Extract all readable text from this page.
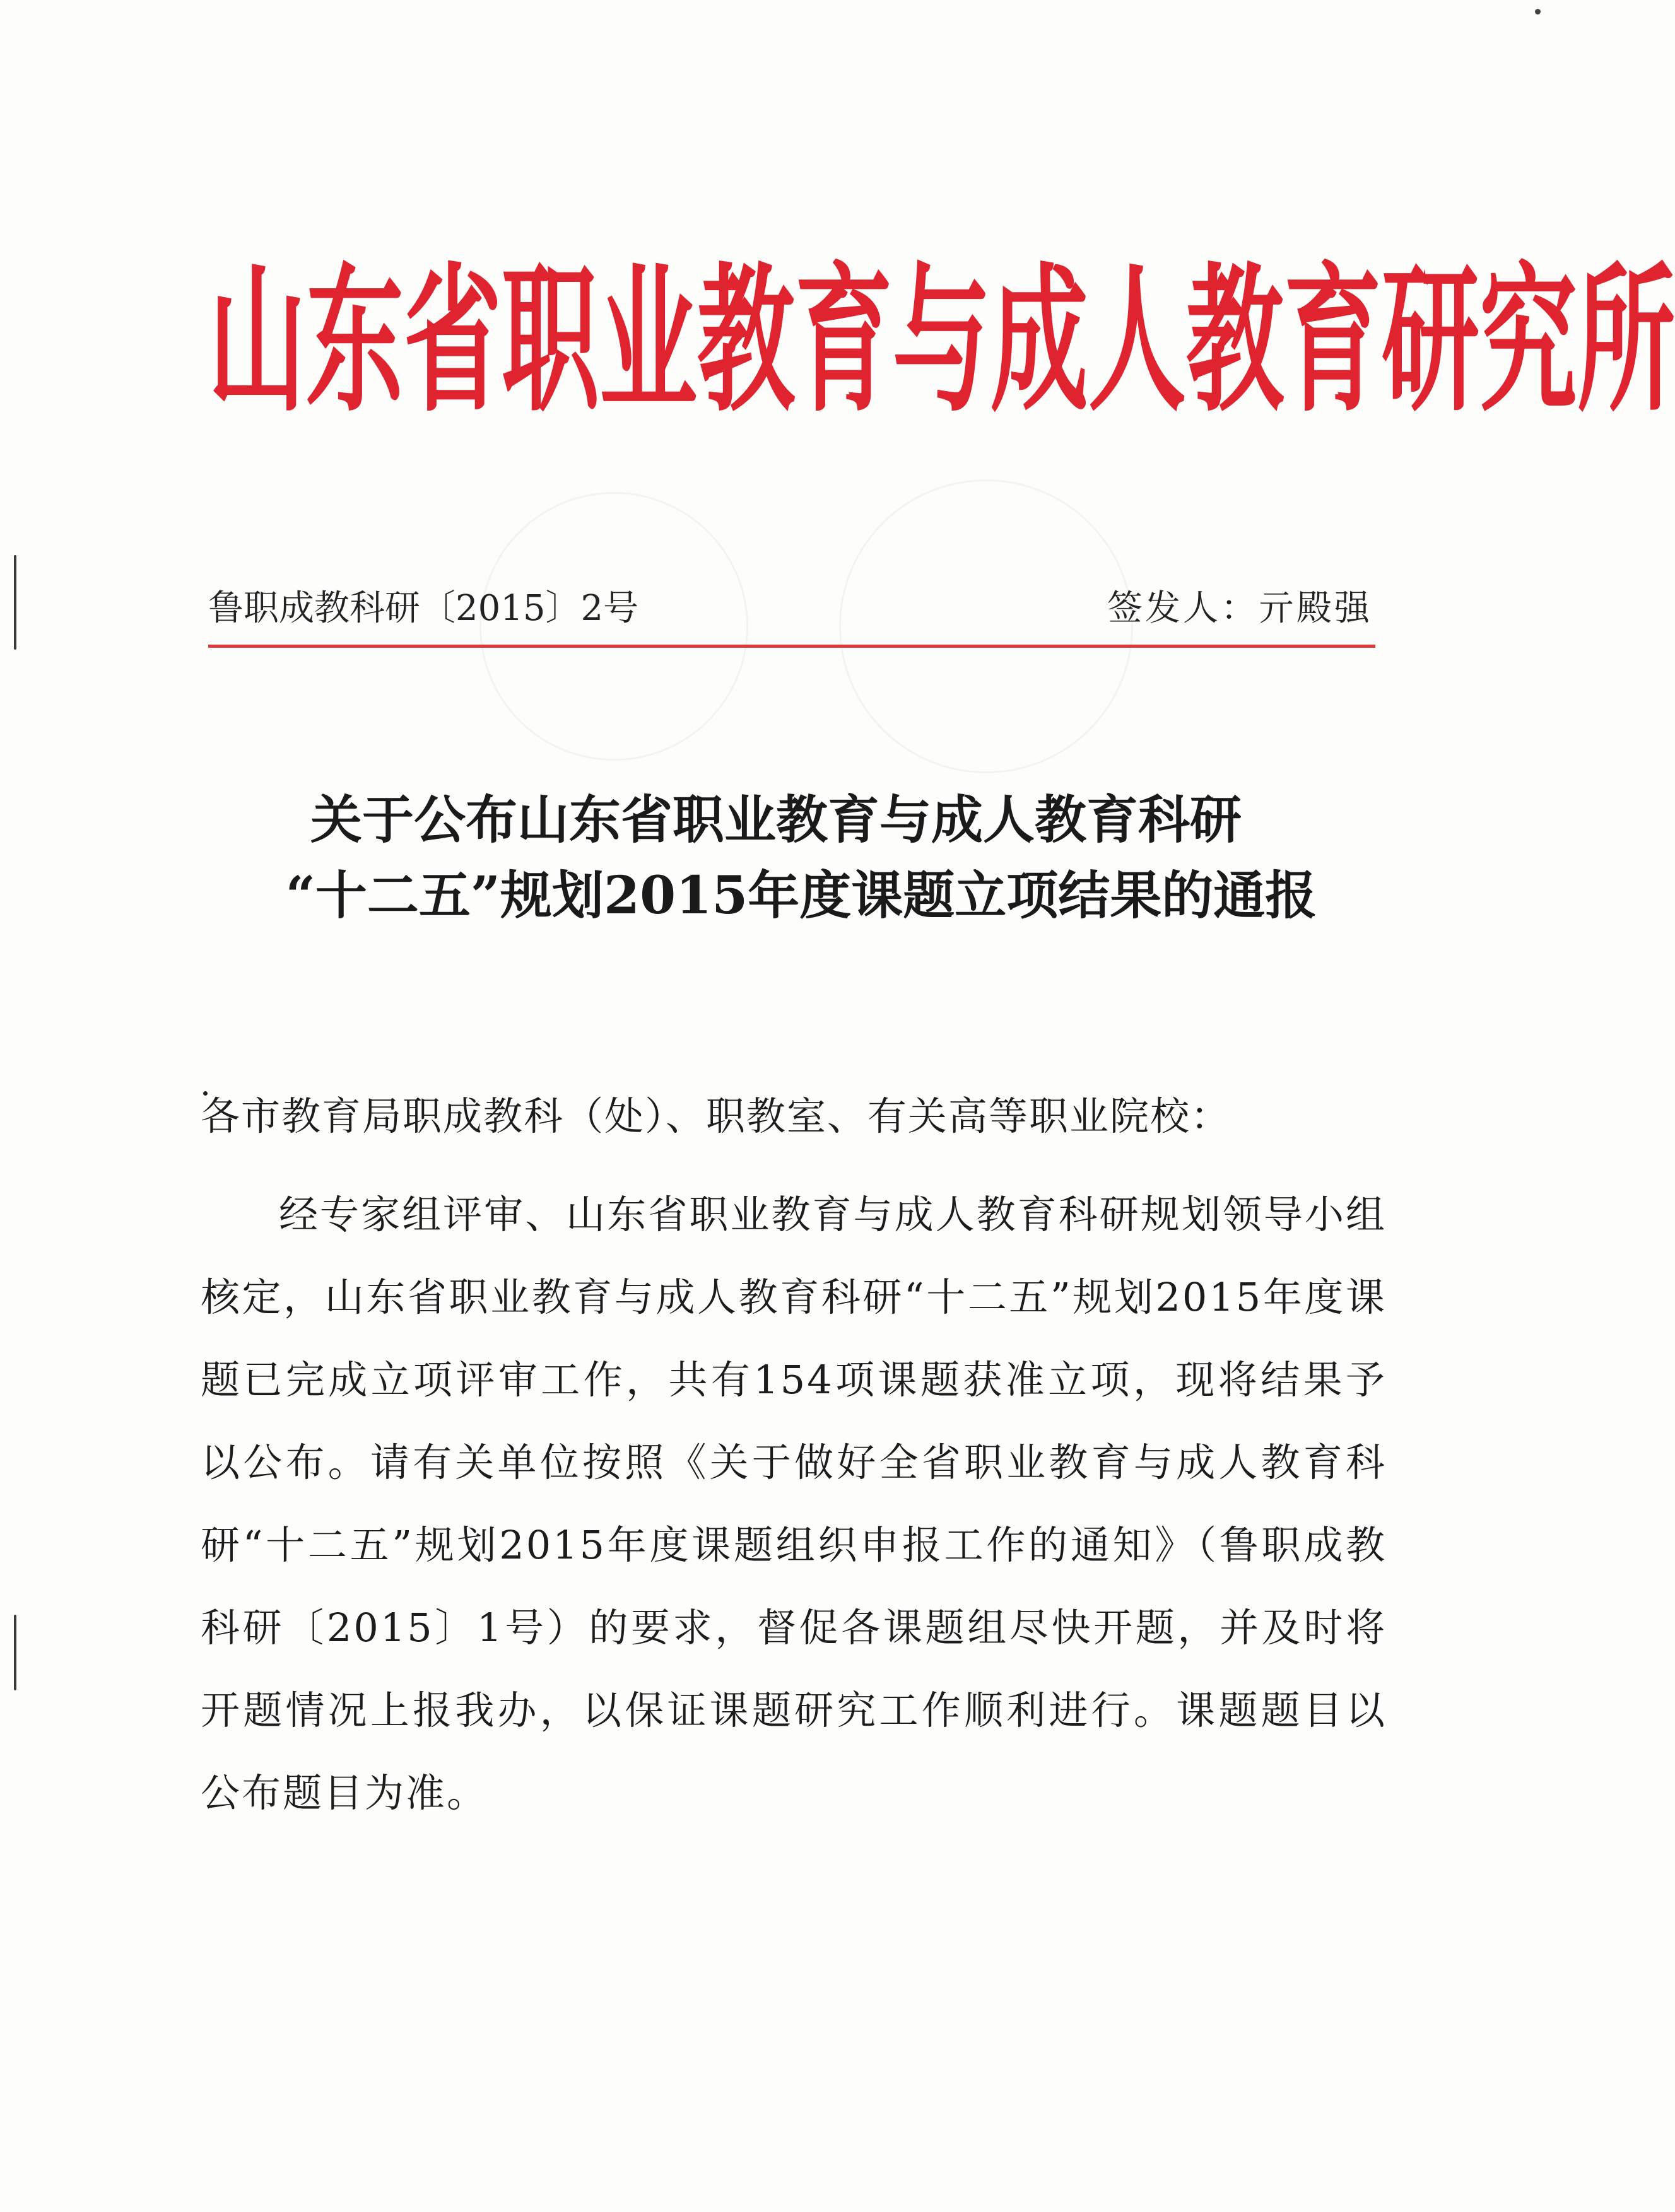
山 东 省 职 业 教 育 与 成 人 教 育 研 究 所
鲁职成教科研〔2015〕2号	签发人：亓殿强
关于公布山东省职业教育与成人教育科研
“十二五”规划2015年度课题立项结果的通报
各市教育局职成教科（处）、职教室、有关高等职业院校：
经专家组评审、山东省职业教育与成人教育科研规划领导小组核定，山东省职业教育与成人教育科研“十二五”规划2015年度课题已完成立项评审工作，共有154项课题获准立项，现将结果予以公布。请有关单位按照《关于做好全省职业教育与成人教育科研“十二五”规划2015年度课题组织申报工作的通知》（鲁职成教科研〔2015〕1号）的要求，督促各课题组尽快开题，并及时将开题情况上报我办，以保证课题研究工作顺利进行。课题题目以公布题目为准。
